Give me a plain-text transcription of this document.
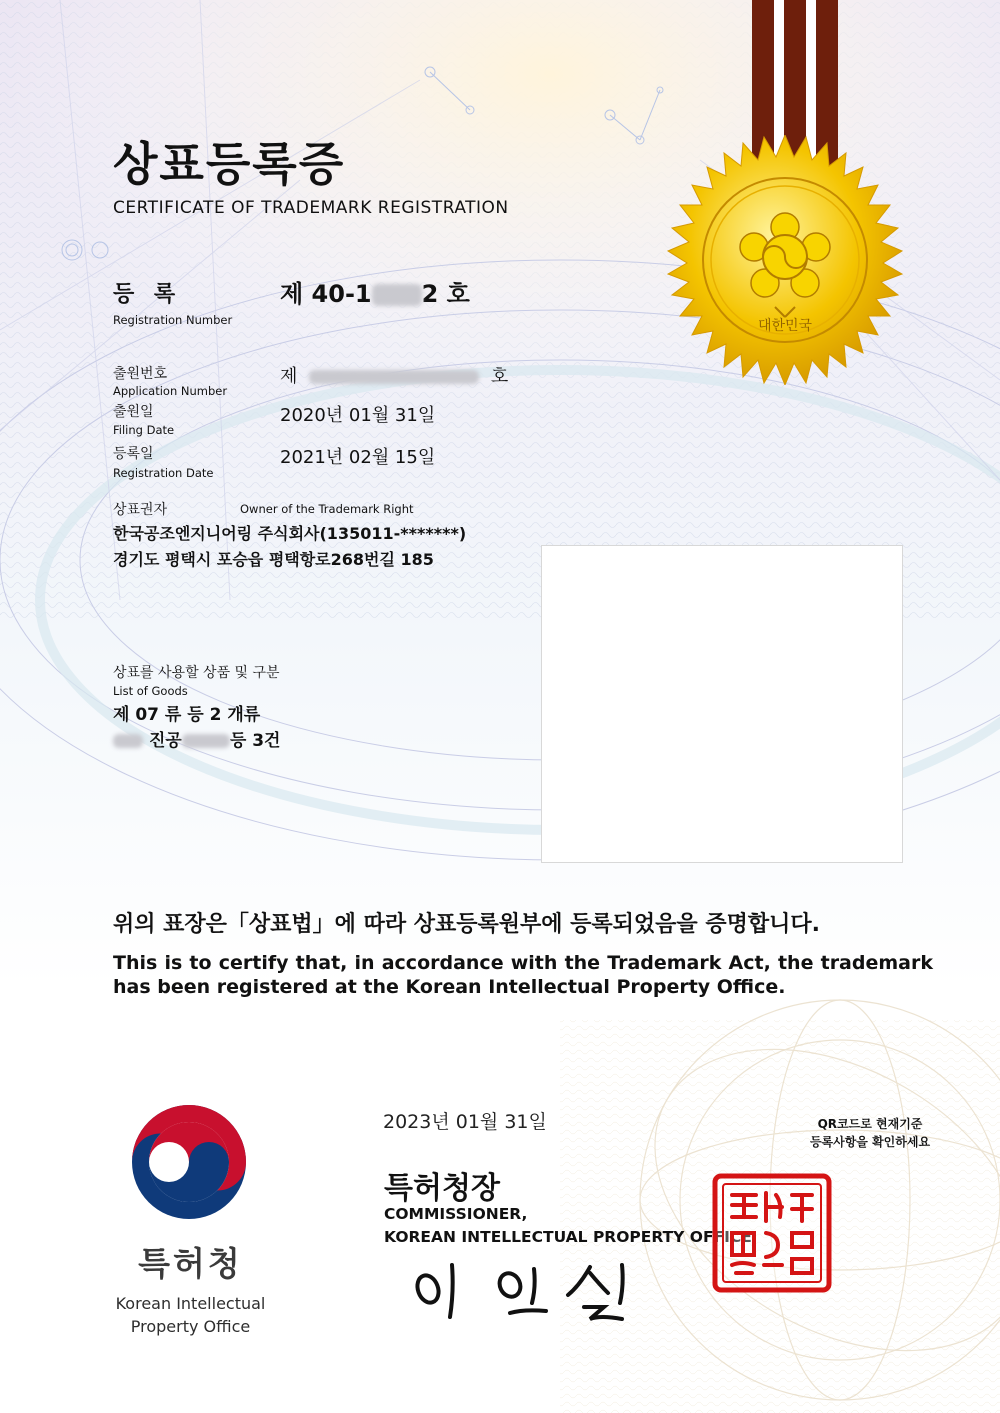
대한민국
상표등록증
CERTIFICATE OF TRADEMARK REGISTRATION
등 록
Registration Number
제 40-1 2 호
출원번호
Application Number
제	호
출원일
Filing Date
2020년 01월 31일
등록일
Registration Date
2021년 02월 15일
상표권자	Owner of the Trademark Right
한국공조엔지니어링 주식회사(135011-*******)
경기도 평택시 포승읍 평택항로268번길 185
상표를 사용할 상품 및 구분
List of Goods
제 07 류 등 2 개류
진공	등 3건
위의 표장은「상표법」에 따라 상표등록원부에 등록되었음을 증명합니다.
This is to certify that, in accordance with the Trademark Act, the trademark has been registered at the Korean Intellectual Property Office.
특허청
Korean Intellectual
Property Office
2023년 01월 31일	QR코드로 현재기준
등록사항을 확인하세요
특허청장
COMMISSIONER,
KOREAN INTELLECTUAL PROPERTY OFFICE
